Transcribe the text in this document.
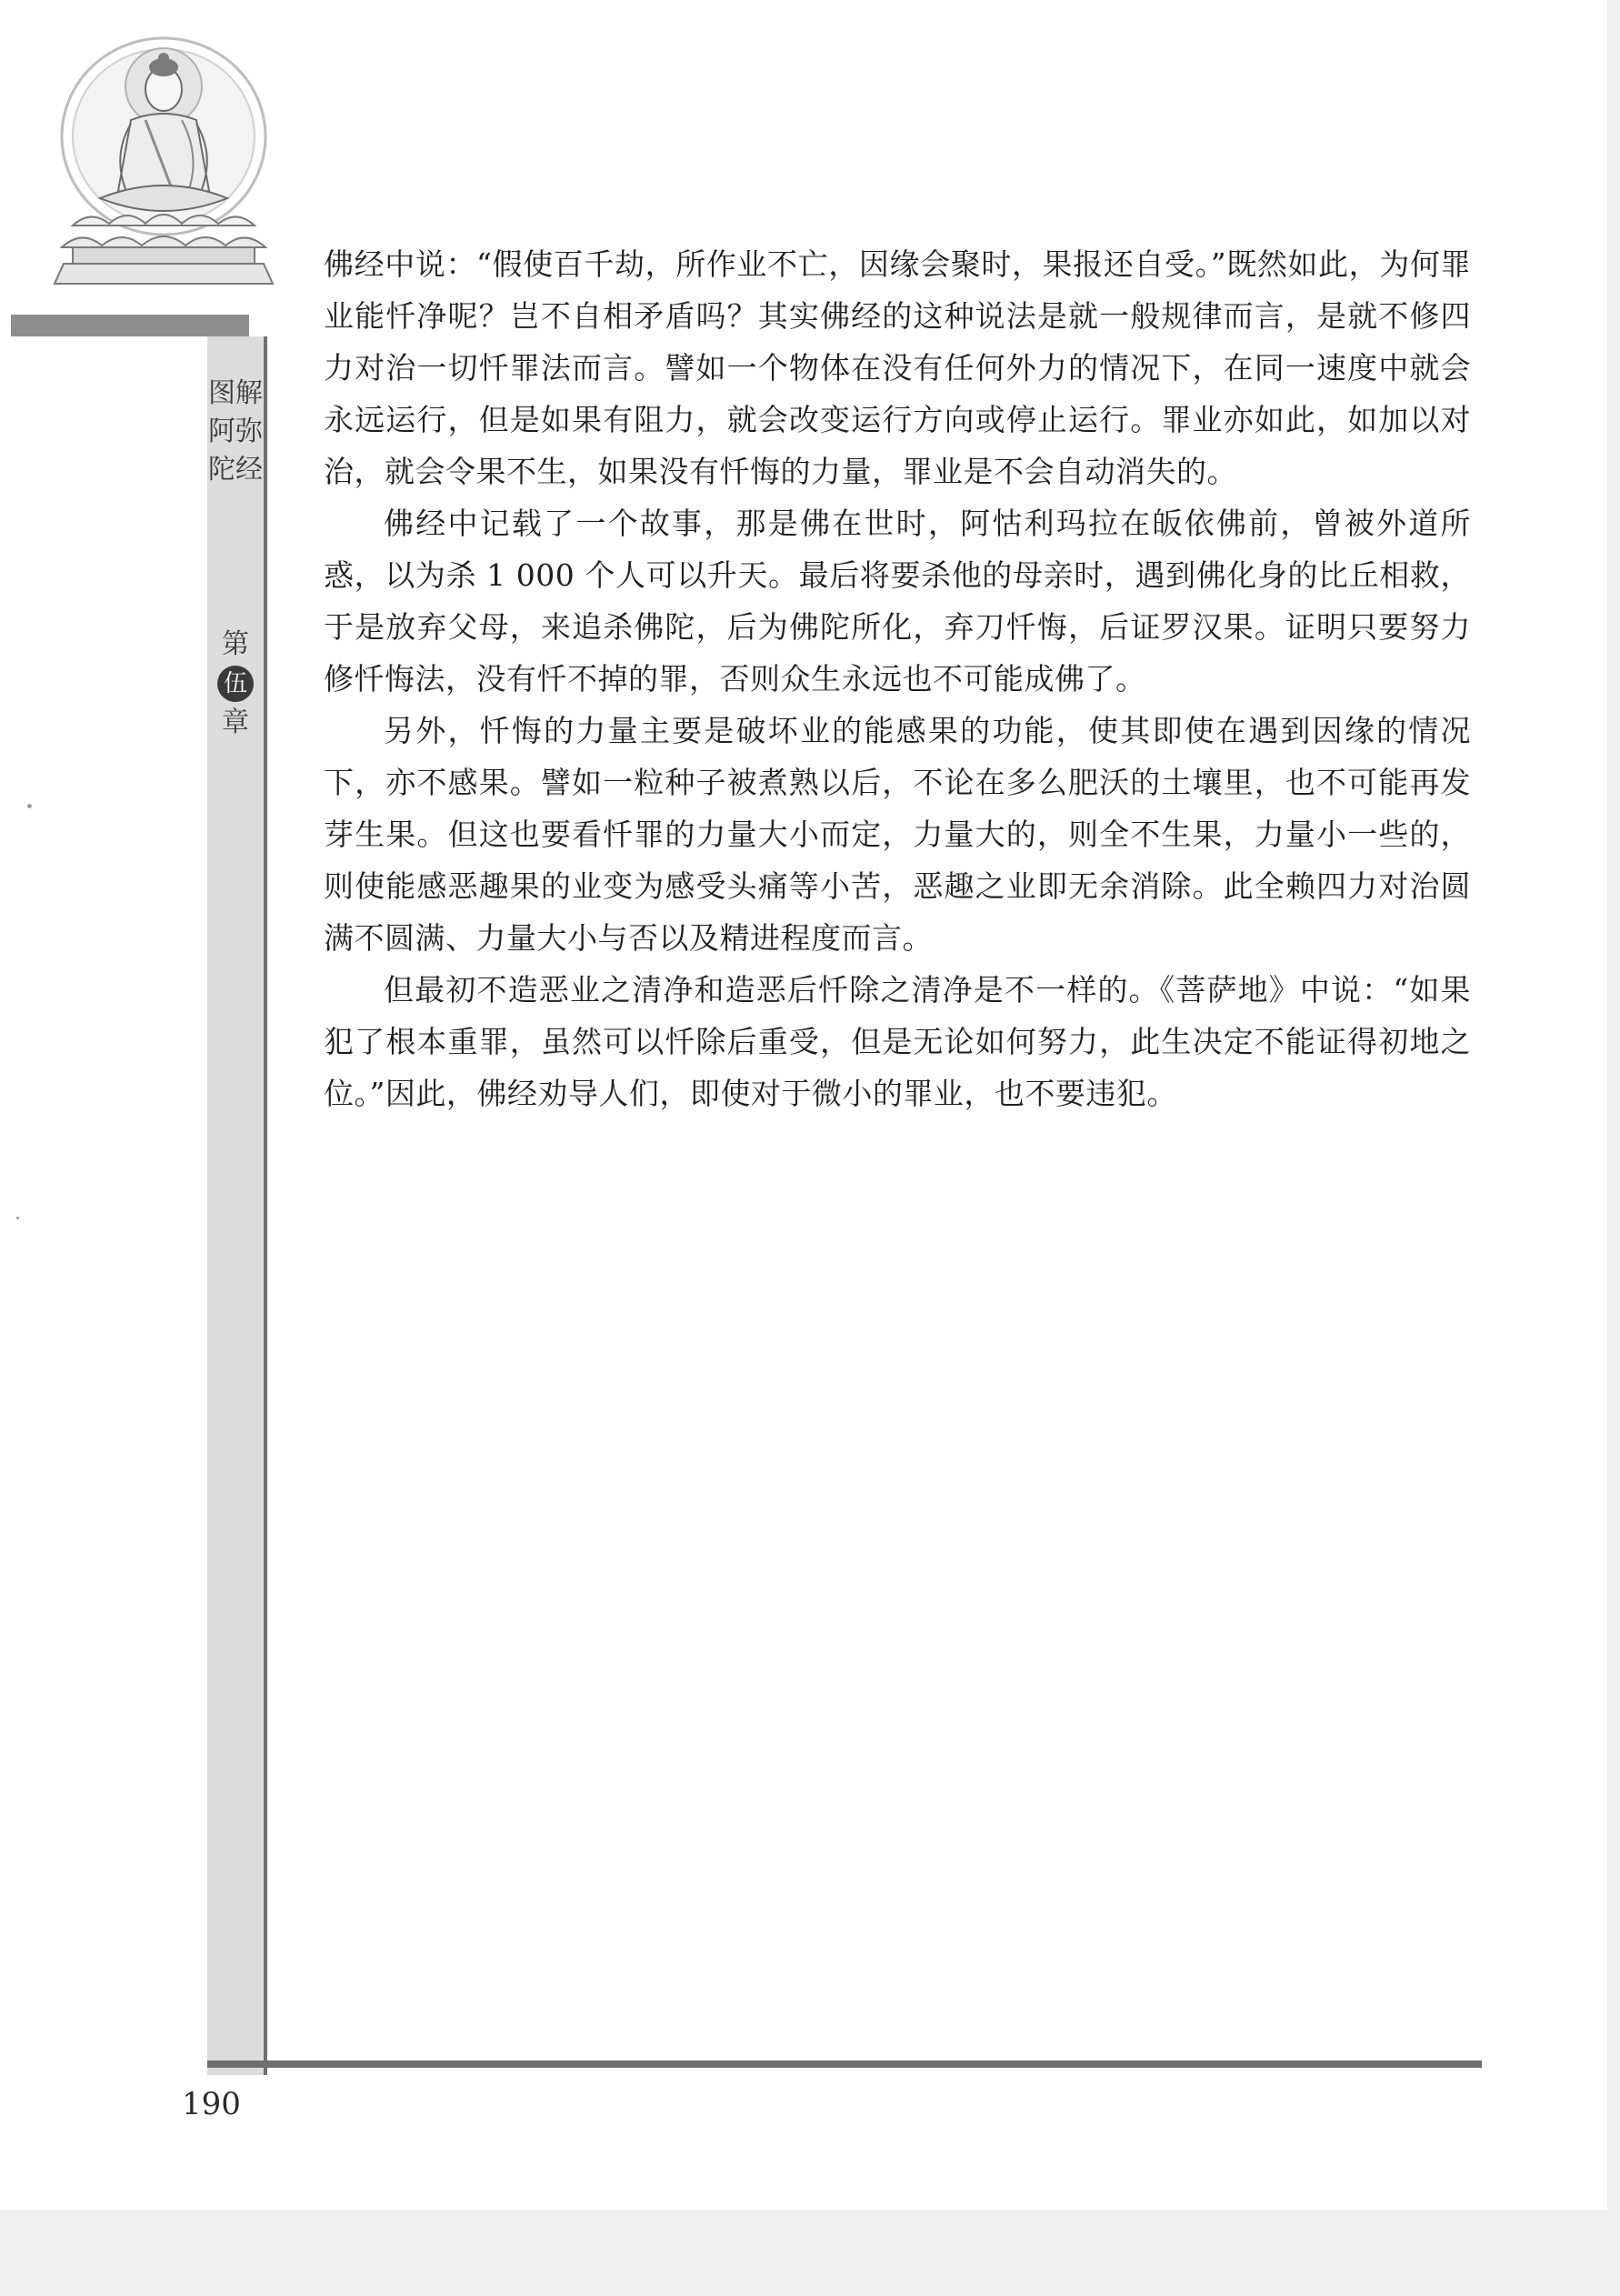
图解阿弥陀经
第
伍
章

佛经中说：“假使百千劫，所作业不亡，因缘会聚时，果报还自受。”既然如此，为何罪业能忏净呢？岂不自相矛盾吗？其实佛经的这种说法是就一般规律而言，是就不修四力对治一切忏罪法而言。譬如一个物体在没有任何外力的情况下，在同一速度中就会永远运行，但是如果有阻力，就会改变运行方向或停止运行。罪业亦如此，如加以对治，就会令果不生，如果没有忏悔的力量，罪业是不会自动消失的。

佛经中记载了一个故事，那是佛在世时，阿怙利玛拉在皈依佛前，曾被外道所惑，以为杀 1 000 个人可以升天。最后将要杀他的母亲时，遇到佛化身的比丘相救，于是放弃父母，来追杀佛陀，后为佛陀所化，弃刀忏悔，后证罗汉果。证明只要努力修忏悔法，没有忏不掉的罪，否则众生永远也不可能成佛了。

另外，忏悔的力量主要是破坏业的能感果的功能，使其即使在遇到因缘的情况下，亦不感果。譬如一粒种子被煮熟以后，不论在多么肥沃的土壤里，也不可能再发芽生果。但这也要看忏罪的力量大小而定，力量大的，则全不生果，力量小一些的，则使能感恶趣果的业变为感受头痛等小苦，恶趣之业即无余消除。此全赖四力对治圆满不圆满、力量大小与否以及精进程度而言。

但最初不造恶业之清净和造恶后忏除之清净是不一样的。《菩萨地》中说：“如果犯了根本重罪，虽然可以忏除后重受，但是无论如何努力，此生决定不能证得初地之位。”因此，佛经劝导人们，即使对于微小的罪业，也不要违犯。

190
